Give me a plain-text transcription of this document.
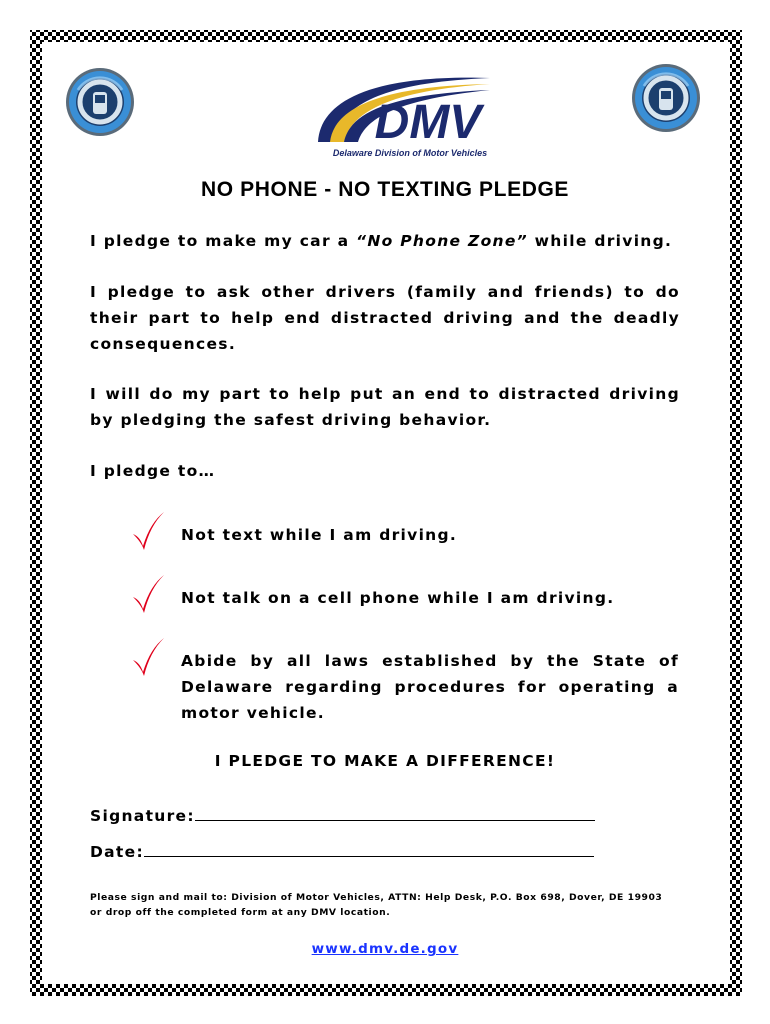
DMV
Delaware Division of Motor Vehicles
NO PHONE - NO TEXTING PLEDGE
I pledge to make my car a “No Phone Zone” while driving.
I pledge to ask other drivers (family and friends) to do their part to help end distracted driving and the deadly consequences.
I will do my part to help put an end to distracted driving by pledging the safest driving behavior.
I pledge to…
Not text while I am driving.
Not talk on a cell phone while I am driving.
Abide by all laws established by the State of Delaware regarding procedures for operating a motor vehicle.
I PLEDGE TO MAKE A DIFFERENCE!
Signature:
Date:
Please sign and mail to: Division of Motor Vehicles, ATTN: Help Desk, P.O. Box 698, Dover, DE 19903
or drop off the completed form at any DMV location.
www.dmv.de.gov
